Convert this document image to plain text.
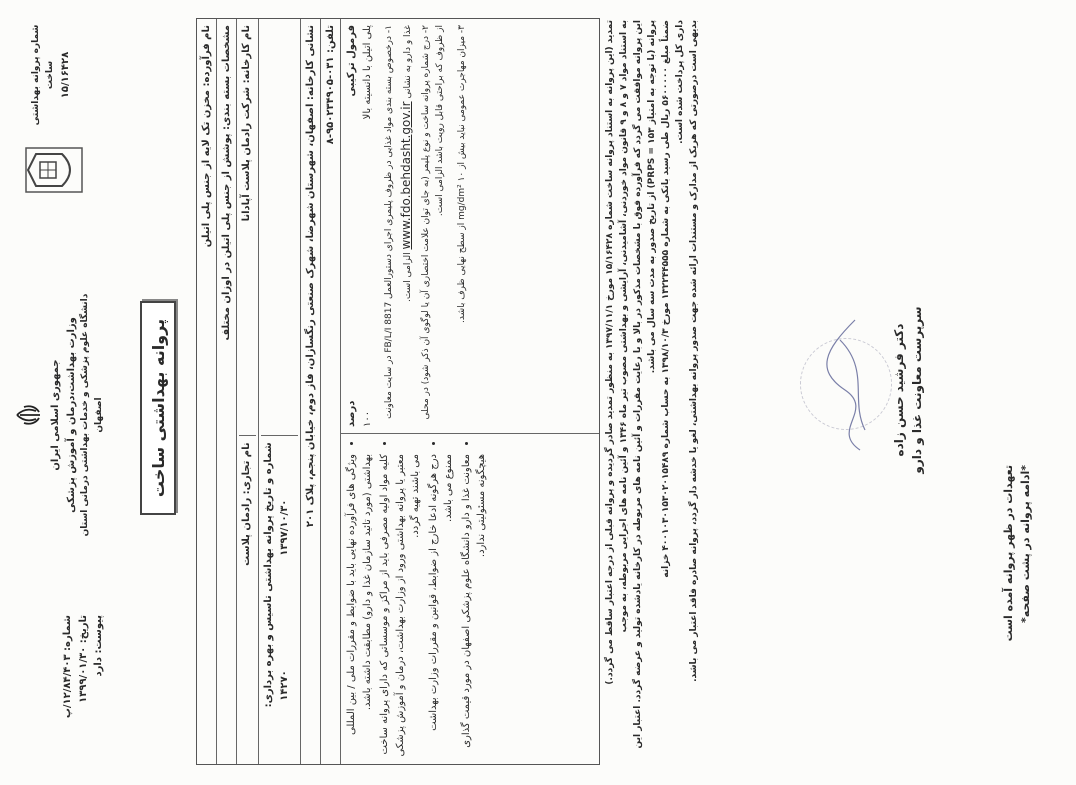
شماره پروانه بهداشتی ساخت ۱۵/۱۶۴۲۸
جمهوری اسلامی ایران وزارت بهداشت،درمان و آموزش پزشکی دانشگاه علوم پزشکی و خدمات بهداشتی درمانی استان اصفهان	پروانه بهداشتی ساخت
شماره: ۱۲/۸۴/۴۰۳/پ
تاریخ: ۱۳۹۹/۰۱/۳۰ پیوست: دارد
نام فرآورده: مخزن تک لایه از جنس پلی اتیلن مشخصات بسته بندی: پوشش از جنس پلی اتیلن در اوزان مختلف نام کارخانه: شرکت رادمان پلاست آپادانا
نام تجاری: رادمان پلاست	شماره و تاریخ پروانه بهداشتی تاسیس و بهره برداری: ۱۳۹۷/۱۰/۳۰
۱۴۲۷۰
نشانی کارخانه: اصفهان، شهرستان شهرضا، شهرک صنعتی رنگسازان، فاز دوم، خیابان پنجم، پلاک ۲۰۱ تلفن: ۰۳۱-۹۵۰۲۳۴۹۰۵-۸	فرمول ترکیبی
درصد
پلی اتیلن با دانسیته بالا
۱۰۰
۱- درخصوص بسته بندی مواد غذایی در ظروف پلیمری اجرای دستورالعمل FB/L/I 8817 در سایت معاونت غذا و دارو به نشانی www.fdo.behdasht.gov.ir الزامی است. ۲- درج شماره پروانه ساخت و نوع پلیمر (به جای توان علامت اختصاری آن یا لوگوی آن ذکر شود) در محلی از ظروف که براحتی قابل رویت باشد الزامی است.
۳- میزان مهاجرت عمومی نباید بیش از ۱۰ mg/dm² از سطح نهایی ظرف باشد.
• ویژگی های فرآورده نهایی باید با ضوابط و مقررات ملی / بین المللی بهداشتی (مورد تائید سازمان غذا و دارو) مطابقت داشته باشد. • کلیه مواد اولیه مصرفی باید از مراکز و موسساتی که دارای پروانه ساخت معتبر یا پروانه بهداشتی ورود از وزارت بهداشت، درمان و آموزش پزشکی می باشند تهیه گردد. • درج هرگونه ادعا خارج از ضوابط، قوانین و مقررات وزارت بهداشت ممنوع می باشد. • معاونت غذا و دارو دانشگاه علوم پزشکی اصفهان در مورد قیمت گذاری هیچگونه مسئولیتی ندارد.	تمدید (این پروانه به استناد پروانه ساخت شماره ۱۵/۱۶۴۲۸ مورخ ۱۳۹۷/۱۱/۱ به منظور تمدید صادر گردیده و پروانه قبلی از درجه اعتبار ساقط می گردد.)

به استناد مواد ۷ و ۸ و ۹ قانون مواد خوردنی، آشامیدنی، آرایشی و بهداشتی مصوب تیر ماه ۱۳۴۶ و آئین نامه های اجرایی مربوطه، به موجب این پروانه موافقت می گردد که فرآورده فوق با مشخصات مذکور در بالا و با رعایت مقررات و آئین نامه های مربوطه در کارخانه یادشده تولید و عرضه گردد. اعتبار این پروانه (با توجه به امتیاز PRPS = ۱۵۳) از تاریخ صدور به مدت سه سال می باشد.

ضمناً مبلغ ۵۶۰۰۰۰۰ ریال طی رسید بانکی به شماره ۱۳۲۲۴۴۵۵۵ مورخ ۱۳۹۸/۱۰/۳ به حساب شماره ۴۰۰۱۰۳۰۱۵۳۰۲۰۱۵۴۸۹ خزانه داری کل پرداخت شده است. بدیهی است درصورتی که هریک از مدارک و مستندات ارائه شده جهت صدور پروانه بهداشتی، لغو یا خدشه دار گردد، پروانه صادره فاقد اعتبار می باشد.	دکتر فرشید حسن زاده سرپرست معاونت غذا و دارو
تعهدات در ظهر پروانه آمده است *ادامه پروانه در پشت صفحه*
